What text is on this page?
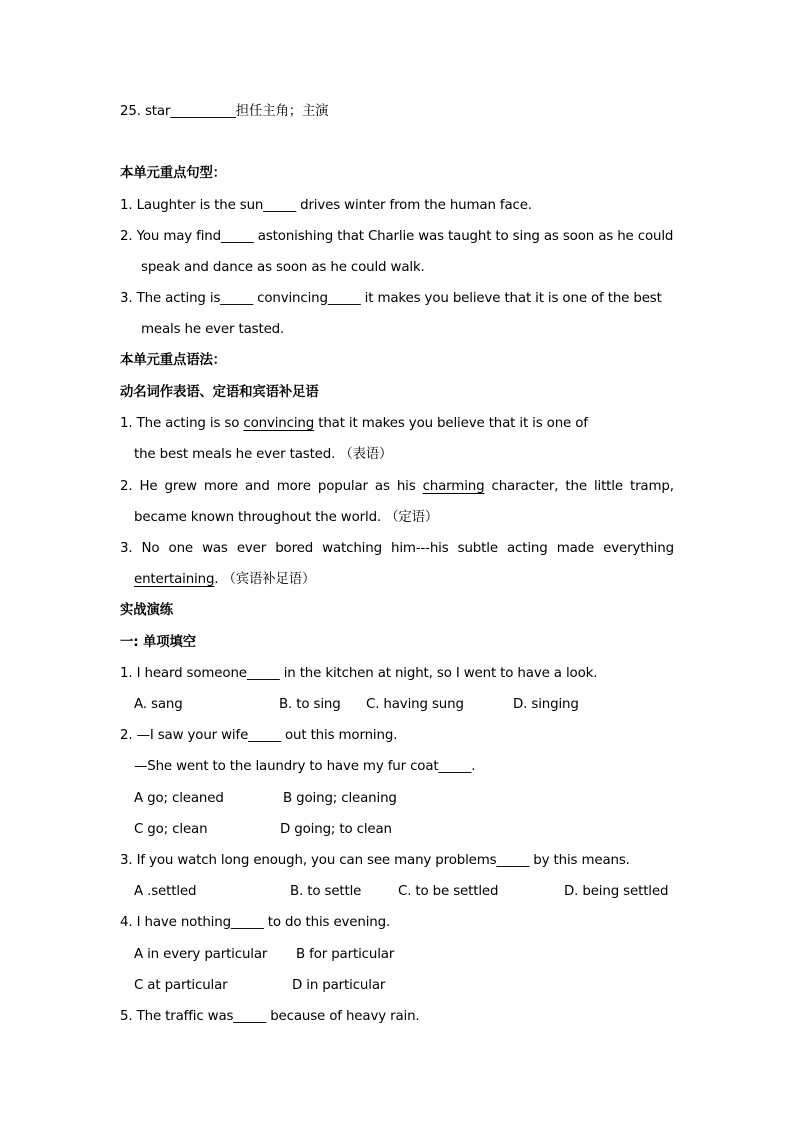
25. star__________担任主角；主演
本单元重点句型：
1. Laughter is the sun_____ drives winter from the human face.
2. You may find_____ astonishing that Charlie was taught to sing as soon as he could
speak and dance as soon as he could walk.
3. The acting is_____ convincing_____ it makes you believe that it is one of the best
meals he ever tasted.
本单元重点语法：
动名词作表语、定语和宾语补足语
1. The acting is so convincing that it makes you believe that it is one of
the best meals he ever tasted. （表语）
2. He grew more and more popular as his charming character, the little tramp,
became known throughout the world. （定语）
3. No one was ever bored watching him---his subtle acting made everything
entertaining. （宾语补足语）
实战演练
一: 单项填空
1. I heard someone_____ in the kitchen at night, so I went to have a look.
A. sang	B. to sing C. having sung	D. singing
2. —I saw your wife_____ out this morning.
—She went to the laundry to have my fur coat_____.
A go; cleaned	B going; cleaning
C go; clean	D going; to clean
3. If you watch long enough, you can see many problems_____ by this means.
A .settled	B. to settle	C. to be settled	D. being settled
4. I have nothing_____ to do this evening.
A in every particular B for particular
C at particular	D in particular
5. The traffic was_____ because of heavy rain.
